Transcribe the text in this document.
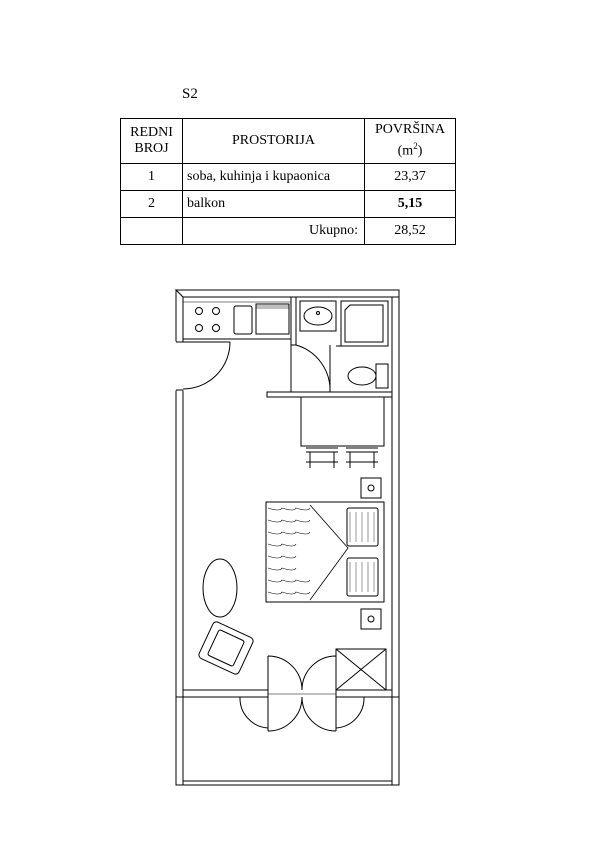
S2
REDNI
BROJ	PROSTORIJA	POVRŠINA
$(m^2)$
1	soba, kuhinja i kupaonica	23,37
2	balkon	5,15
	Ukupno:	28,52
